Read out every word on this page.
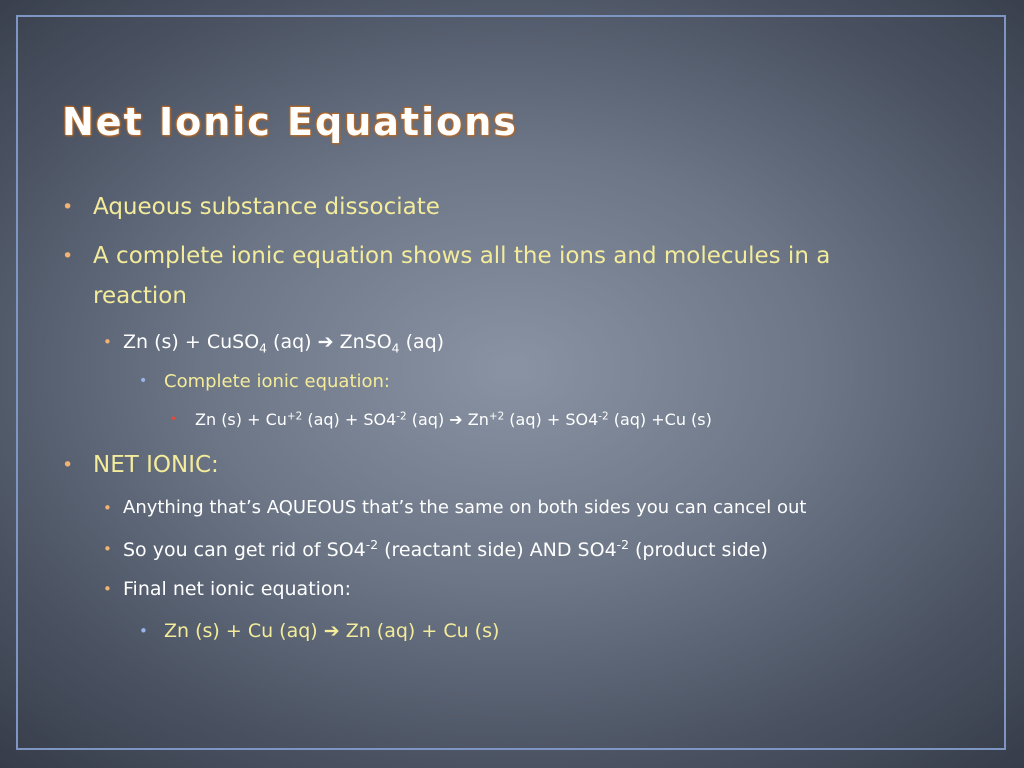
Net Ionic Equations
• Aqueous substance dissociate
• A complete ionic equation shows all the ions and molecules in a
reaction
• Zn (s) + CuSO$_4$ (aq) ➔ ZnSO$_4$ (aq)
• Complete ionic equation:
• Zn $(s) + Cu^{+2}$ $(aq) + SO4^{-2}$ (aq) ➔ $Zn^{+2}$ $(aq) + SO4^{-2}$ (aq) +Cu (s)
• NET IONIC:
• Anything that’s AQUEOUS that’s the same on both sides you can cancel out
• So you can get rid of $SO4^{-2}$ (reactant side) AND $SO4^{-2}$ (product side)
• Final net ionic equation:
• Zn (s) + Cu (aq) ➔ Zn (aq) + Cu (s)
